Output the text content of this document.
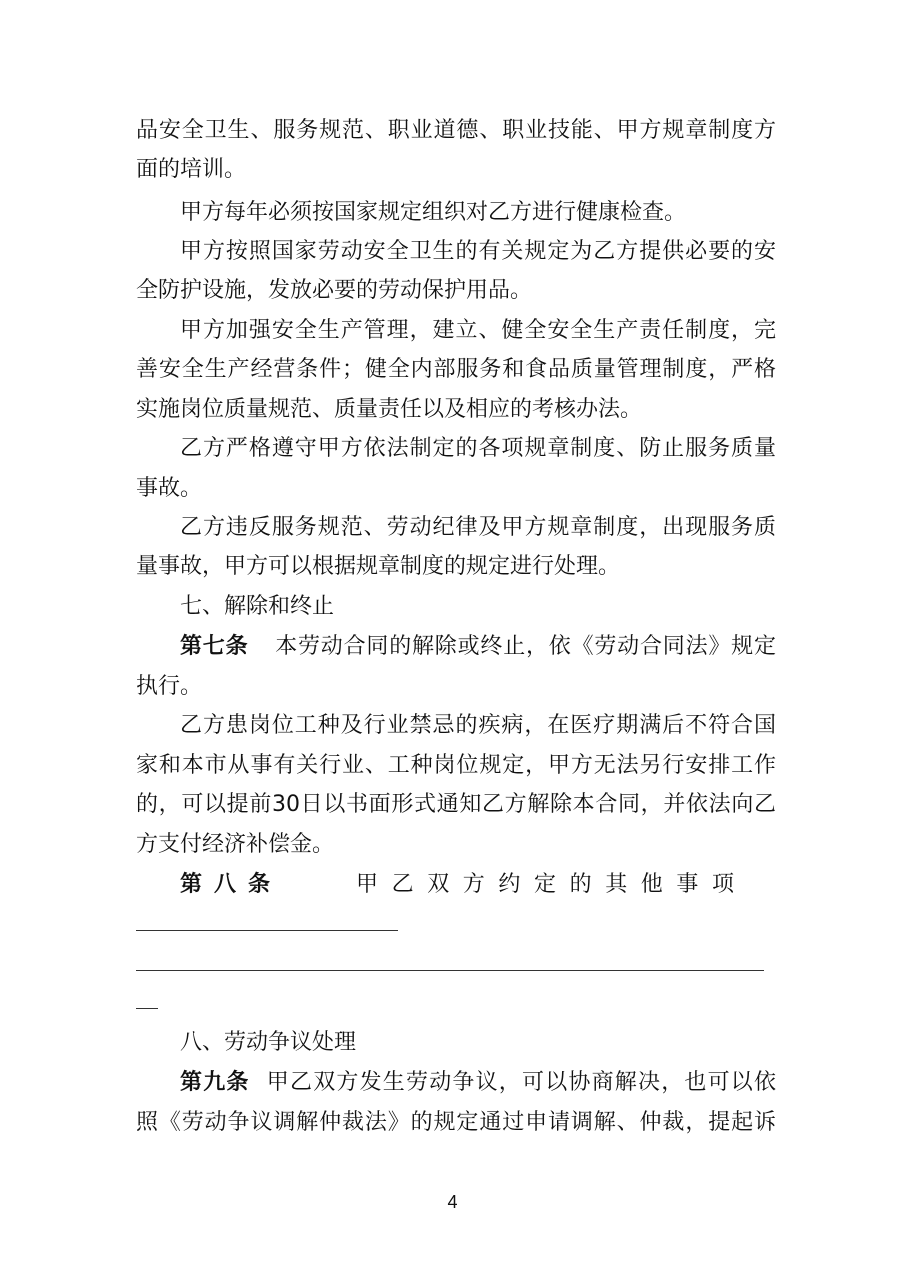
品安全卫生、服务规范、职业道德、职业技能、甲方规章制度方
面的培训。
甲方每年必须按国家规定组织对乙方进行健康检查。
甲方按照国家劳动安全卫生的有关规定为乙方提供必要的安
全防护设施，发放必要的劳动保护用品。
甲方加强安全生产管理，建立、健全安全生产责任制度，完
善安全生产经营条件；健全内部服务和食品质量管理制度，严格
实施岗位质量规范、质量责任以及相应的考核办法。
乙方严格遵守甲方依法制定的各项规章制度、防止服务质量
事故。
乙方违反服务规范、劳动纪律及甲方规章制度，出现服务质
量事故，甲方可以根据规章制度的规定进行处理。
七、解除和终止
第七条 本劳动合同的解除或终止，依《劳动合同法》规定
执行。
乙方患岗位工种及行业禁忌的疾病，在医疗期满后不符合国
家和本市从事有关行业、工种岗位规定，甲方无法另行安排工作
的，可以提前30日以书面形式通知乙方解除本合同，并依法向乙
方支付经济补偿金。
第八条	甲乙双方约定的其他事项
八、劳动争议处理
第九条 甲乙双方发生劳动争议，可以协商解决，也可以依
照《劳动争议调解仲裁法》的规定通过申请调解、仲裁，提起诉
4
